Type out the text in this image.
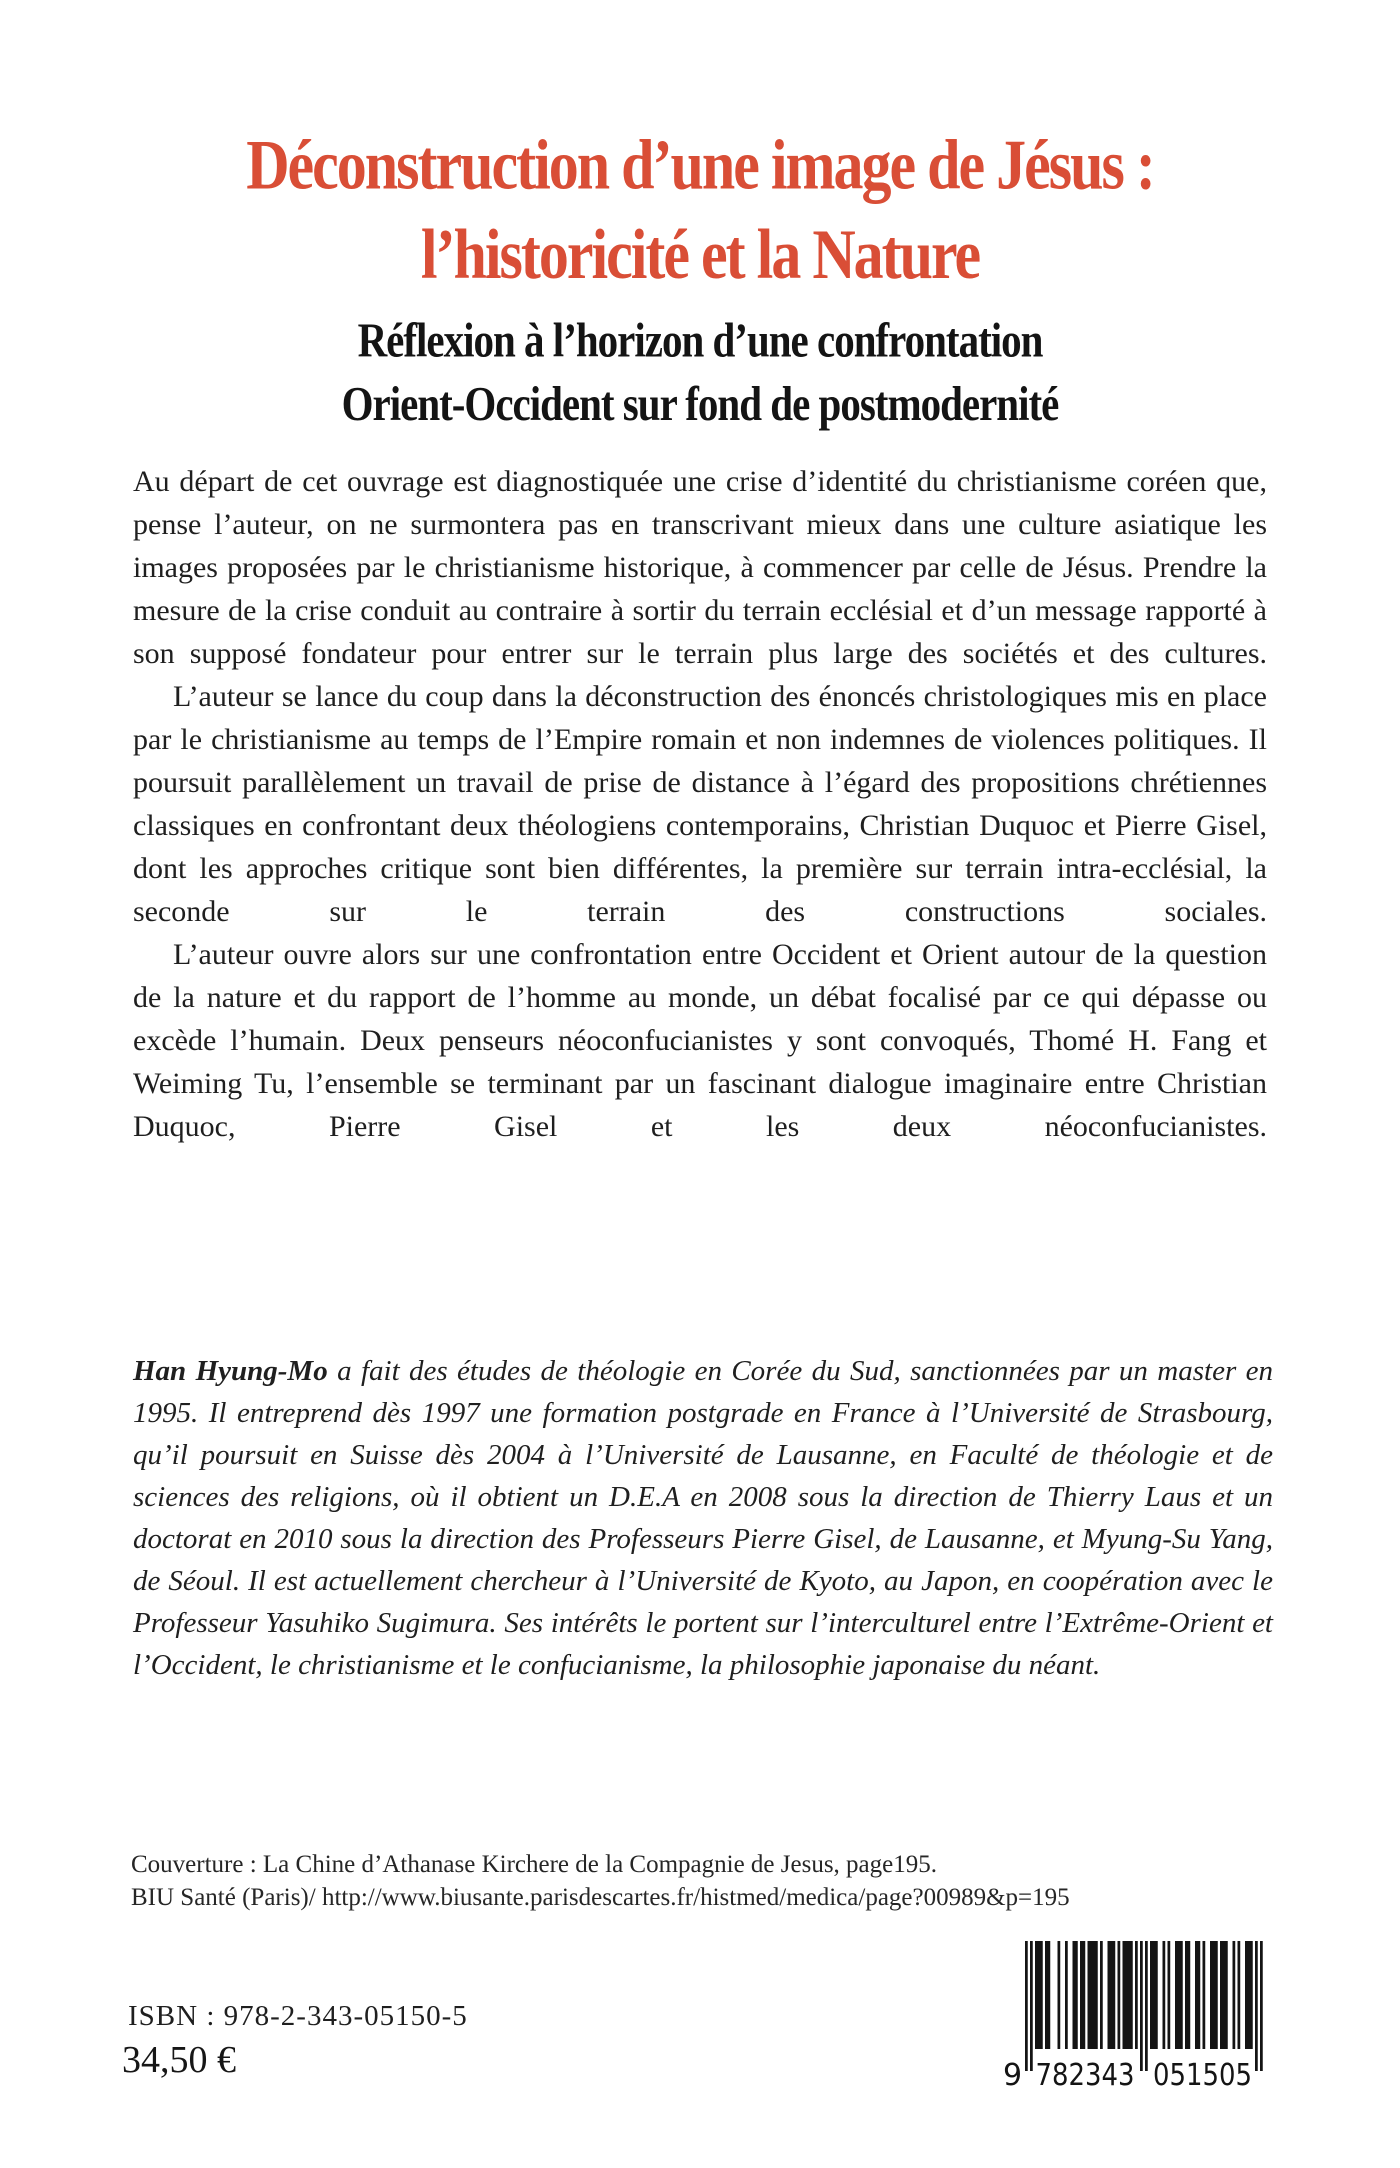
Déconstruction d’une image de Jésus :
l’historicité et la Nature
Réflexion à l’horizon d’une confrontation
Orient-Occident sur fond de postmodernité

Au départ de cet ouvrage est diagnostiquée une crise d’identité du christianisme coréen que, pense l’auteur, on ne surmontera pas en transcrivant mieux dans une culture asiatique les images proposées par le christianisme historique, à commencer par celle de Jésus. Prendre la mesure de la crise conduit au contraire à sortir du terrain ecclésial et d’un message rapporté à son supposé fondateur pour entrer sur le terrain plus large des sociétés et des cultures.

L’auteur se lance du coup dans la déconstruction des énoncés christologiques mis en place par le christianisme au temps de l’Empire romain et non indemnes de violences politiques. Il poursuit parallèlement un travail de prise de distance à l’égard des propositions chrétiennes classiques en confrontant deux théologiens contemporains, Christian Duquoc et Pierre Gisel, dont les approches critique sont bien différentes, la première sur terrain intra-ecclésial, la seconde sur le terrain des constructions sociales.

L’auteur ouvre alors sur une confrontation entre Occident et Orient autour de la question de la nature et du rapport de l’homme au monde, un débat focalisé par ce qui dépasse ou excède l’humain. Deux penseurs néoconfucianistes y sont convoqués, Thomé H. Fang et Weiming Tu, l’ensemble se terminant par un fascinant dialogue imaginaire entre Christian Duquoc, Pierre Gisel et les deux néoconfucianistes.

Han Hyung-Mo a fait des études de théologie en Corée du Sud, sanctionnées par un master en 1995. Il entreprend dès 1997 une formation postgrade en France à l’Université de Strasbourg, qu’il poursuit en Suisse dès 2004 à l’Université de Lausanne, en Faculté de théologie et de sciences des religions, où il obtient un D.E.A en 2008 sous la direction de Thierry Laus et un doctorat en 2010 sous la direction des Professeurs Pierre Gisel, de Lausanne, et Myung-Su Yang, de Séoul. Il est actuellement chercheur à l’Université de Kyoto, au Japon, en coopération avec le Professeur Yasuhiko Sugimura. Ses intérêts le portent sur l’interculturel entre l’Extrême-Orient et l’Occident, le christianisme et le confucianisme, la philosophie japonaise du néant.

Couverture : La Chine d’Athanase Kirchere de la Compagnie de Jesus, page195.
BIU Santé (Paris)/ http://www.biusante.parisdescartes.fr/histmed/medica/page?00989&p=195
ISBN : 978-2-343-05150-5
34,50 €	9 782343 051505
